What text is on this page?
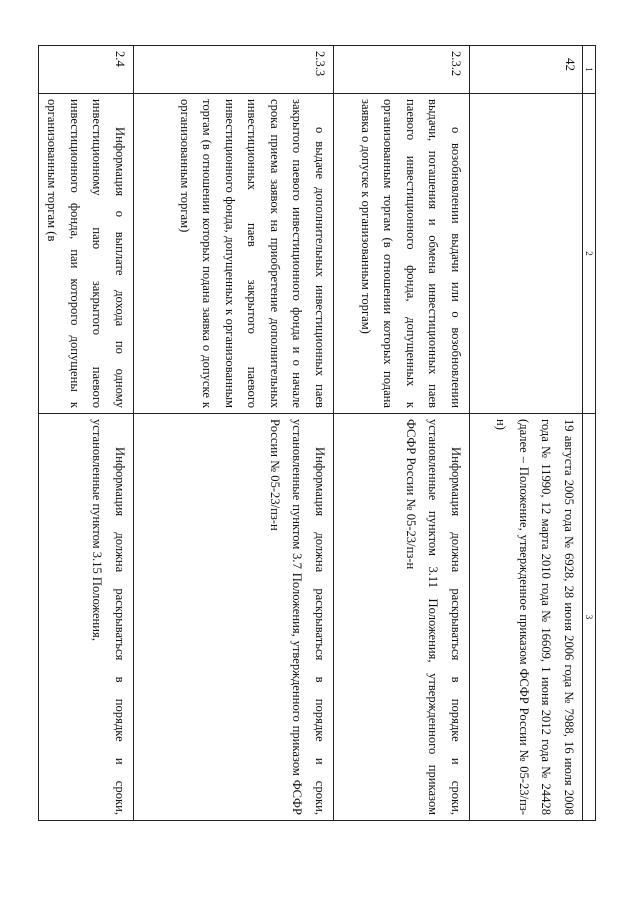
1	2	3
		19 августа 2005 года № 6928, 28 июня 2006 года № 7988, 16 июля 2008 года № 11990, 12 марта 2010 года № 16609, 1 июня 2012 года № 24428 (далее – Положение, утвержденное приказом ФСФР России № 05-23/пз-н)
2.3.2	о возобновлении выдачи или о возобновлении выдачи, погашения и обмена инвестиционных паев паевого инвестиционного фонда, допущенных к организованным торгам (в отношении которых подана заявка о допуске к организованным торгам)	Информация должна раскрываться в порядке и сроки, установленные пунктом 3.11 Положения, утвержденного приказом ФСФР России № 05-23/пз-н
2.3.3	о выдаче дополнительных инвестиционных паев закрытого паевого инвестиционного фонда и о начале срока приема заявок на приобретение дополнительных инвестиционных паев закрытого паевого инвестиционного фонда, допущенных к организованным торгам (в отношении которых подана заявка о допуске к организованным торгам)	Информация должна раскрываться в порядке и сроки, установленные пунктом 3.7 Положения, утвержденного приказом ФСФР России № 05-23/пз-н
2.4	Информация о выплате дохода по одному инвестиционному паю закрытого паевого инвестиционного фонда, паи которого допущены к организованным торгам (в	Информация должна раскрываться в порядке и сроки, установленные пунктом 3.15 Положения,
42
